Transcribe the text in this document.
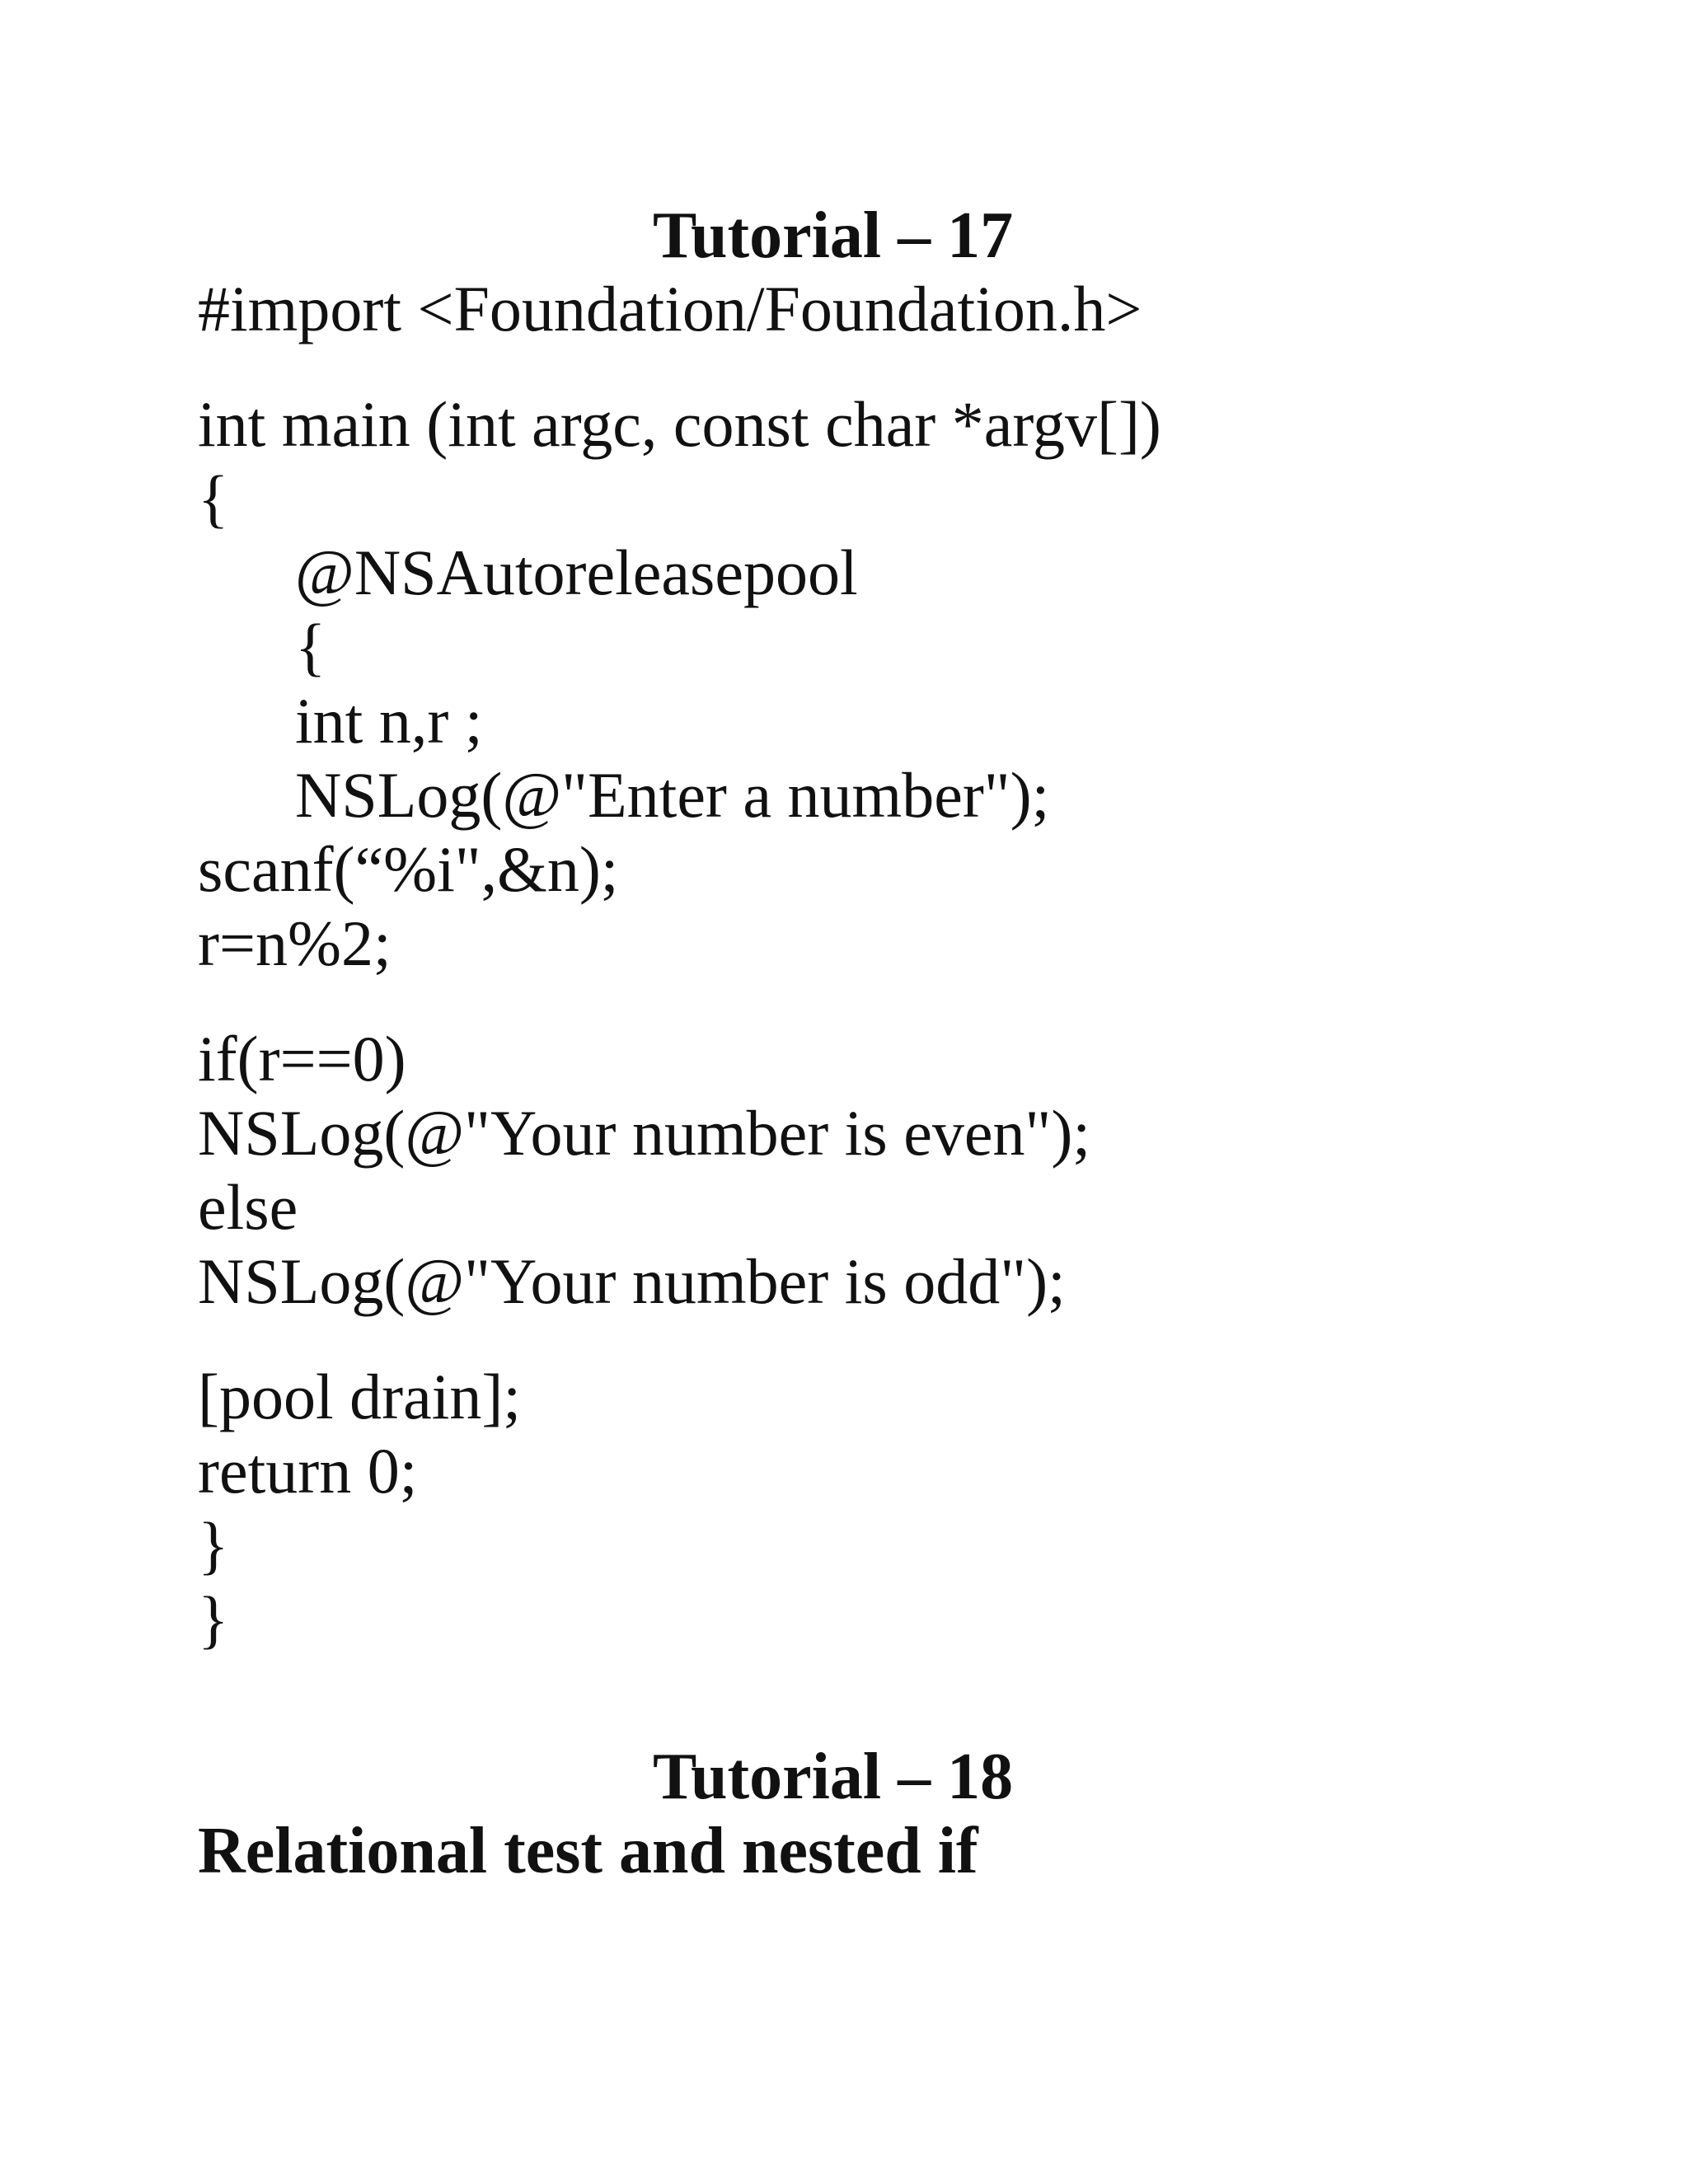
Tutorial – 17
#import <Foundation/Foundation.h>
int main (int argc, const char *argv[])
{
@NSAutoreleasepool
{
int n,r ;
NSLog(@"Enter a number");
scanf(“%i",&n);
r=n%2;
if(r==0)
NSLog(@"Your number is even");
else
NSLog(@"Your number is odd");
[pool drain];
return 0;
}
}
Tutorial – 18
Relational test and nested if
